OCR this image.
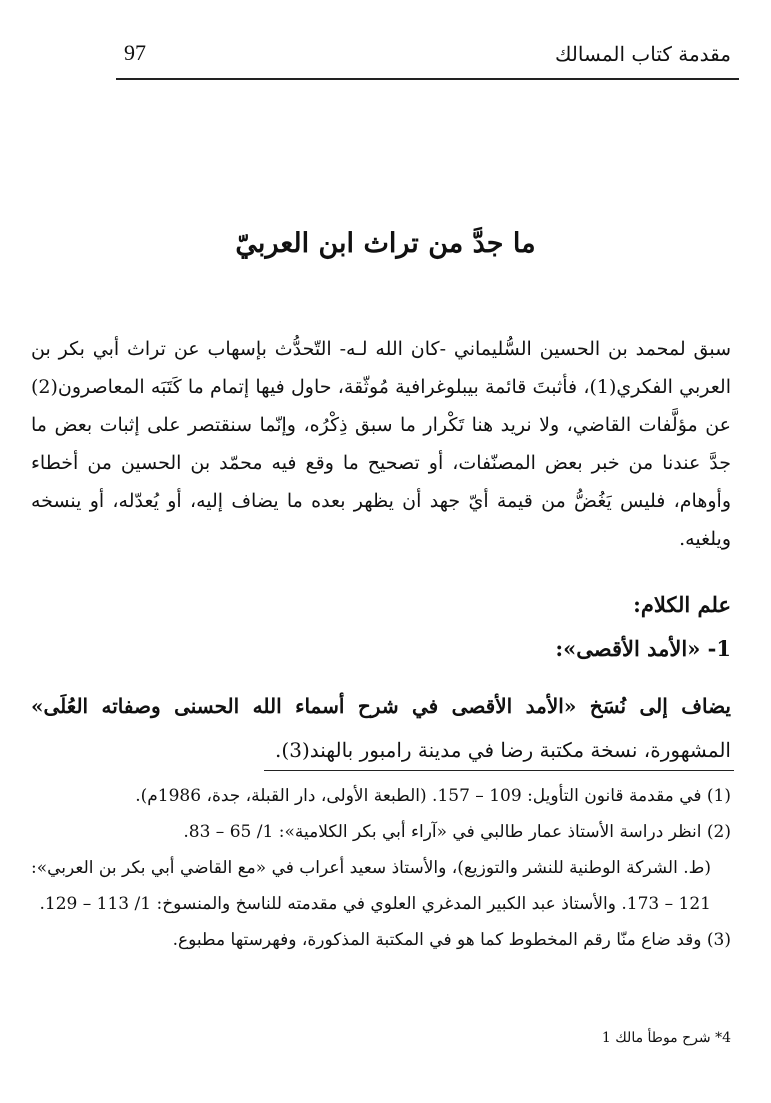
مقدمة كتاب المسالك
97
ما جدَّ من تراث ابن العربيّ

سبق لمحمد بن الحسين السُّليماني -كان الله لـه- التّحدُّث بإسهاب عن تراث أبي بكر بن العربي الفكري(1)، فأثبتَ قائمة بيبلوغرافية مُوثّقة، حاول فيها إتمام ما كَتَبَه المعاصرون(2) عن مؤلَّفات القاضي، ولا نريد هنا تَكْرار ما سبق ذِكْرُه، وإنّما سنقتصر على إثبات بعض ما جدَّ عندنا من خبر بعض المصنّفات، أو تصحيح ما وقع فيه محمّد بن الحسين من أخطاء وأوهام، فليس يَغُضُّ من قيمة أيّ جهد أن يظهر بعده ما يضاف إليه، أو يُعدّله، أو ينسخه ويلغيه.

علم الكلام:
1- «الأمد الأقصى»:

يضاف إلى نُسَخ «الأمد الأقصى في شرح أسماء الله الحسنى وصفاته العُلَى» المشهورة، نسخة مكتبة رضا في مدينة رامبور بالهند(3).

(1) في مقدمة قانون التأويل: 109 – 157. (الطبعة الأولى، دار القبلة، جدة، 1986م).

(2) انظر دراسة الأستاذ عمار طالبي في «آراء أبي بكر الكلامية»: 1/ 65 – 83.

(ط. الشركة الوطنية للنشر والتوزيع)، والأستاذ سعيد أعراب في «مع القاضي أبي بكر بن العربي»: 121 – 173. والأستاذ عبد الكبير المدغري العلوي في مقدمته للناسخ والمنسوخ: 1/ 113 – 129.

(3) وقد ضاع منّا رقم المخطوط كما هو في المكتبة المذكورة، وفهرستها مطبوع.

4* شرح موطأ مالك 1
